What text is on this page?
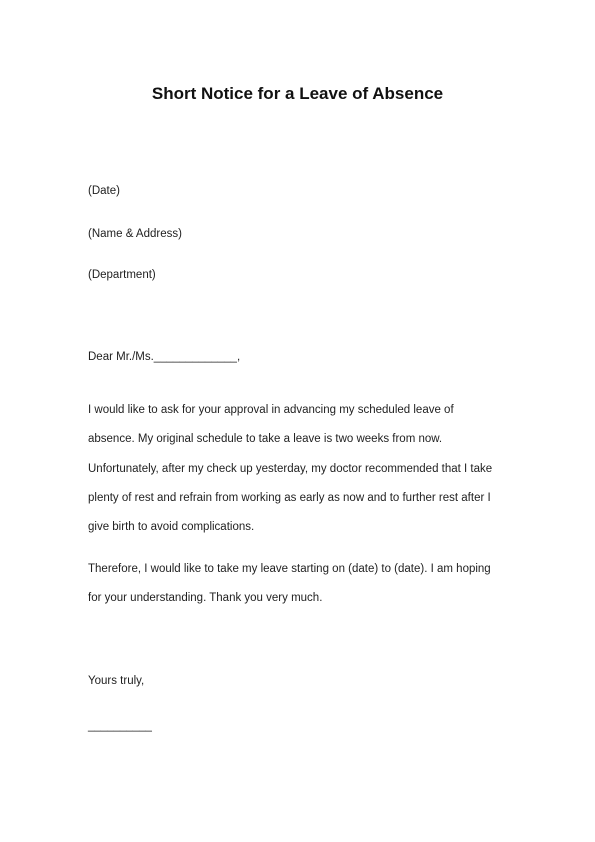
Short Notice for a Leave of Absence

(Date)

(Name & Address)

(Department)

Dear Mr./Ms._____________,

I would like to ask for your approval in advancing my scheduled leave of
absence. My original schedule to take a leave is two weeks from now.
Unfortunately, after my check up yesterday, my doctor recommended that I take
plenty of rest and refrain from working as early as now and to further rest after I
give birth to avoid complications.
Therefore, I would like to take my leave starting on (date) to (date). I am hoping
for your understanding. Thank you very much.

Yours truly,

__________
